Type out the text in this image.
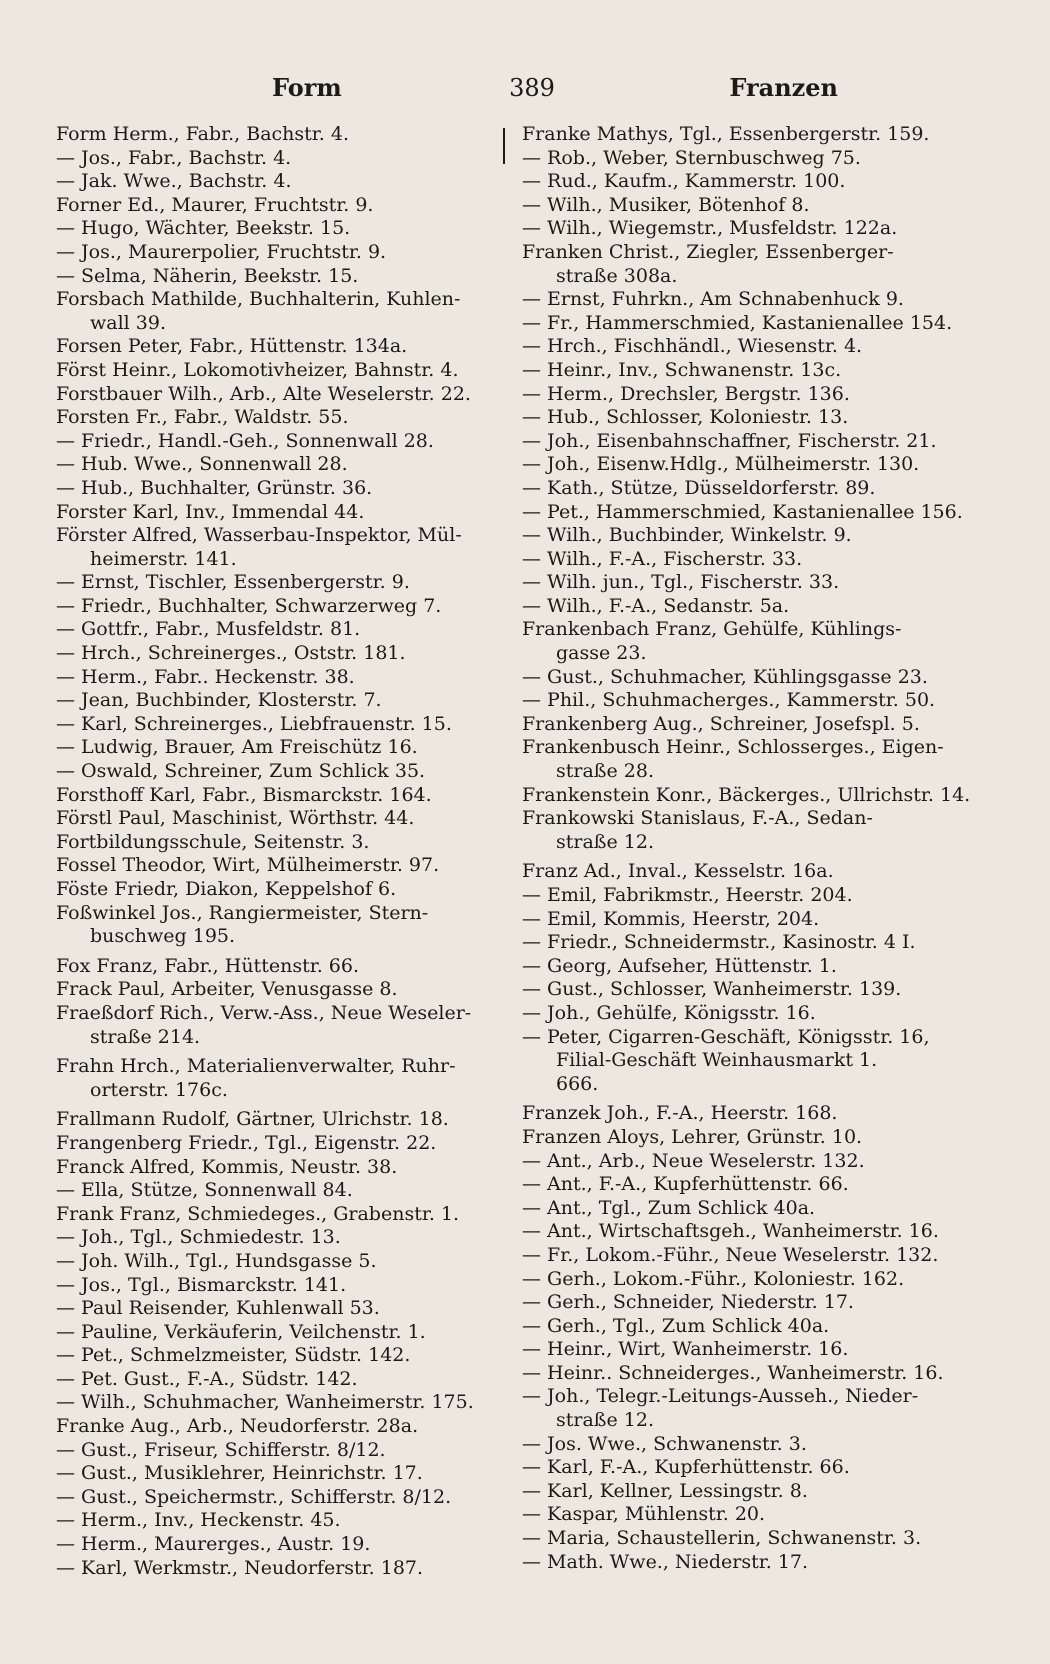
Form	389	Franzen

Form Herm., Fabr., Bachstr. 4.

— Jos., Fabr., Bachstr. 4.

— Jak. Wwe., Bachstr. 4.

Forner Ed., Maurer, Fruchtstr. 9.

— Hugo, Wächter, Beekstr. 15.

— Jos., Maurerpolier, Fruchtstr. 9.

— Selma, Näherin, Beekstr. 15.

Forsbach Mathilde, Buchhalterin, Kuhlen-

wall 39.

Forsen Peter, Fabr., Hüttenstr. 134a.

Först Heinr., Lokomotivheizer, Bahnstr. 4.

Forstbauer Wilh., Arb., Alte Weselerstr. 22.

Forsten Fr., Fabr., Waldstr. 55.

— Friedr., Handl.-Geh., Sonnenwall 28.

— Hub. Wwe., Sonnenwall 28.

— Hub., Buchhalter, Grünstr. 36.

Forster Karl, Inv., Immendal 44.

Förster Alfred, Wasserbau-Inspektor, Mül-

heimerstr. 141.

— Ernst, Tischler, Essenbergerstr. 9.

— Friedr., Buchhalter, Schwarzerweg 7.

— Gottfr., Fabr., Musfeldstr. 81.

— Hrch., Schreinerges., Oststr. 181.

— Herm., Fabr.. Heckenstr. 38.

— Jean, Buchbinder, Klosterstr. 7.

— Karl, Schreinerges., Liebfrauenstr. 15.

— Ludwig, Brauer, Am Freischütz 16.

— Oswald, Schreiner, Zum Schlick 35.

Forsthoff Karl, Fabr., Bismarckstr. 164.

Förstl Paul, Maschinist, Wörthstr. 44.

Fortbildungsschule, Seitenstr. 3.

Fossel Theodor, Wirt, Mülheimerstr. 97.

Föste Friedr, Diakon, Keppelshof 6.

Foßwinkel Jos., Rangiermeister, Stern-

buschweg 195.

Fox Franz, Fabr., Hüttenstr. 66.

Frack Paul, Arbeiter, Venusgasse 8.

Fraeßdorf Rich., Verw.-Ass., Neue Weseler-

straße 214.

Frahn Hrch., Materialienverwalter, Ruhr-

orterstr. 176c.

Frallmann Rudolf, Gärtner, Ulrichstr. 18.

Frangenberg Friedr., Tgl., Eigenstr. 22.

Franck Alfred, Kommis, Neustr. 38.

— Ella, Stütze, Sonnenwall 84.

Frank Franz, Schmiedeges., Grabenstr. 1.

— Joh., Tgl., Schmiedestr. 13.

— Joh. Wilh., Tgl., Hundsgasse 5.

— Jos., Tgl., Bismarckstr. 141.

— Paul Reisender, Kuhlenwall 53.

— Pauline, Verkäuferin, Veilchenstr. 1.

— Pet., Schmelzmeister, Südstr. 142.

— Pet. Gust., F.-A., Südstr. 142.

— Wilh., Schuhmacher, Wanheimerstr. 175.

Franke Aug., Arb., Neudorferstr. 28a.

— Gust., Friseur, Schifferstr. 8/12.

— Gust., Musiklehrer, Heinrichstr. 17.

— Gust., Speichermstr., Schifferstr. 8/12.

— Herm., Inv., Heckenstr. 45.

— Herm., Maurerges., Austr. 19.

— Karl, Werkmstr., Neudorferstr. 187.

Franke Mathys, Tgl., Essenbergerstr. 159.

— Rob., Weber, Sternbuschweg 75.

— Rud., Kaufm., Kammerstr. 100.

— Wilh., Musiker, Bötenhof 8.

— Wilh., Wiegemstr., Musfeldstr. 122a.

Franken Christ., Ziegler, Essenberger-

straße 308a.

— Ernst, Fuhrkn., Am Schnabenhuck 9.

— Fr., Hammerschmied, Kastanienallee 154.

— Hrch., Fischhändl., Wiesenstr. 4.

— Heinr., Inv., Schwanenstr. 13c.

— Herm., Drechsler, Bergstr. 136.

— Hub., Schlosser, Koloniestr. 13.

— Joh., Eisenbahnschaffner, Fischerstr. 21.

— Joh., Eisenw.Hdlg., Mülheimerstr. 130.

— Kath., Stütze, Düsseldorferstr. 89.

— Pet., Hammerschmied, Kastanienallee 156.

— Wilh., Buchbinder, Winkelstr. 9.

— Wilh., F.-A., Fischerstr. 33.

— Wilh. jun., Tgl., Fischerstr. 33.

— Wilh., F.-A., Sedanstr. 5a.

Frankenbach Franz, Gehülfe, Kühlings-

gasse 23.

— Gust., Schuhmacher, Kühlingsgasse 23.

— Phil., Schuhmacherges., Kammerstr. 50.

Frankenberg Aug., Schreiner, Josefspl. 5.

Frankenbusch Heinr., Schlosserges., Eigen-

straße 28.

Frankenstein Konr., Bäckerges., Ullrichstr. 14.

Frankowski Stanislaus, F.-A., Sedan-

straße 12.

Franz Ad., Inval., Kesselstr. 16a.

— Emil, Fabrikmstr., Heerstr. 204.

— Emil, Kommis, Heerstr, 204.

— Friedr., Schneidermstr., Kasinostr. 4 I.

— Georg, Aufseher, Hüttenstr. 1.

— Gust., Schlosser, Wanheimerstr. 139.

— Joh., Gehülfe, Königsstr. 16.

— Peter, Cigarren-Geschäft, Königsstr. 16,

Filial-Geschäft Weinhausmarkt 1.

666.

Franzek Joh., F.-A., Heerstr. 168.

Franzen Aloys, Lehrer, Grünstr. 10.

— Ant., Arb., Neue Weselerstr. 132.

— Ant., F.-A., Kupferhüttenstr. 66.

— Ant., Tgl., Zum Schlick 40a.

— Ant., Wirtschaftsgeh., Wanheimerstr. 16.

— Fr., Lokom.-Führ., Neue Weselerstr. 132.

— Gerh., Lokom.-Führ., Koloniestr. 162.

— Gerh., Schneider, Niederstr. 17.

— Gerh., Tgl., Zum Schlick 40a.

— Heinr., Wirt, Wanheimerstr. 16.

— Heinr.. Schneiderges., Wanheimerstr. 16.

— Joh., Telegr.-Leitungs-Ausseh., Nieder-

straße 12.

— Jos. Wwe., Schwanenstr. 3.

— Karl, F.-A., Kupferhüttenstr. 66.

— Karl, Kellner, Lessingstr. 8.

— Kaspar, Mühlenstr. 20.

— Maria, Schaustellerin, Schwanenstr. 3.

— Math. Wwe., Niederstr. 17.
